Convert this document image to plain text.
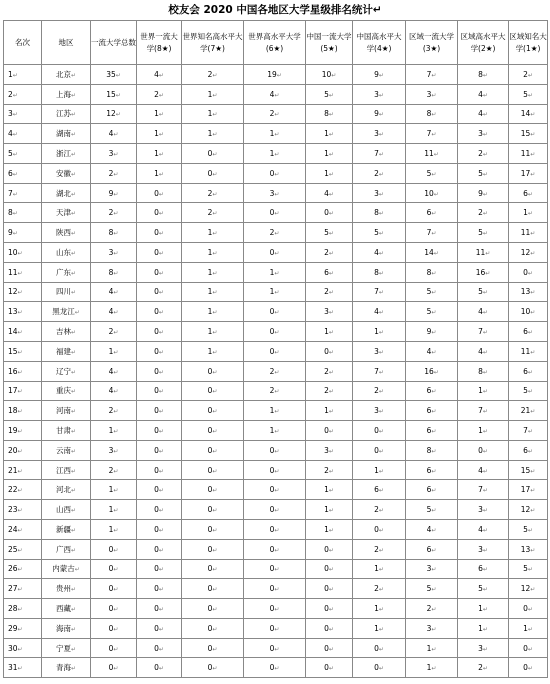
校友会 2020 中国各地区大学星级排名统计↵
名次	地区	一流大学总数	世界一流大学(8★)	世界知名高水平大学(7★)	世界高水平大学(6★)	中国一流大学(5★)	中国高水平大学(4★)	区域一流大学(3★)	区域高水平大学(2★)	区域知名大学(1★)
1↵	北京↵	35↵	4↵	2↵	19↵	10↵	9↵	7↵	8↵	2↵
2↵	上海↵	15↵	2↵	1↵	4↵	5↵	3↵	3↵	4↵	5↵
3↵	江苏↵	12↵	1↵	1↵	2↵	8↵	9↵	8↵	4↵	14↵
4↵	湖南↵	4↵	1↵	1↵	1↵	1↵	3↵	7↵	3↵	15↵
5↵	浙江↵	3↵	1↵	0↵	1↵	1↵	7↵	11↵	2↵	11↵
6↵	安徽↵	2↵	1↵	0↵	0↵	1↵	2↵	5↵	5↵	17↵
7↵	湖北↵	9↵	0↵	2↵	3↵	4↵	3↵	10↵	9↵	6↵
8↵	天津↵	2↵	0↵	2↵	0↵	0↵	8↵	6↵	2↵	1↵
9↵	陕西↵	8↵	0↵	1↵	2↵	5↵	5↵	7↵	5↵	11↵
10↵	山东↵	3↵	0↵	1↵	0↵	2↵	4↵	14↵	11↵	12↵
11↵	广东↵	8↵	0↵	1↵	1↵	6↵	8↵	8↵	16↵	0↵
12↵	四川↵	4↵	0↵	1↵	1↵	2↵	7↵	5↵	5↵	13↵
13↵	黑龙江↵	4↵	0↵	1↵	0↵	3↵	4↵	5↵	4↵	10↵
14↵	吉林↵	2↵	0↵	1↵	0↵	1↵	1↵	9↵	7↵	6↵
15↵	福建↵	1↵	0↵	1↵	0↵	0↵	3↵	4↵	4↵	11↵
16↵	辽宁↵	4↵	0↵	0↵	2↵	2↵	7↵	16↵	8↵	6↵
17↵	重庆↵	4↵	0↵	0↵	2↵	2↵	2↵	6↵	1↵	5↵
18↵	河南↵	2↵	0↵	0↵	1↵	1↵	3↵	6↵	7↵	21↵
19↵	甘肃↵	1↵	0↵	0↵	1↵	0↵	0↵	6↵	1↵	7↵
20↵	云南↵	3↵	0↵	0↵	0↵	3↵	0↵	8↵	0↵	6↵
21↵	江西↵	2↵	0↵	0↵	0↵	2↵	1↵	6↵	4↵	15↵
22↵	河北↵	1↵	0↵	0↵	0↵	1↵	6↵	6↵	7↵	17↵
23↵	山西↵	1↵	0↵	0↵	0↵	1↵	2↵	5↵	3↵	12↵
24↵	新疆↵	1↵	0↵	0↵	0↵	1↵	0↵	4↵	4↵	5↵
25↵	广西↵	0↵	0↵	0↵	0↵	0↵	2↵	6↵	3↵	13↵
26↵	内蒙古↵	0↵	0↵	0↵	0↵	0↵	1↵	3↵	6↵	5↵
27↵	贵州↵	0↵	0↵	0↵	0↵	0↵	2↵	5↵	5↵	12↵
28↵	西藏↵	0↵	0↵	0↵	0↵	0↵	1↵	2↵	1↵	0↵
29↵	海南↵	0↵	0↵	0↵	0↵	0↵	1↵	3↵	1↵	1↵
30↵	宁夏↵	0↵	0↵	0↵	0↵	0↵	0↵	1↵	3↵	0↵
31↵	青海↵	0↵	0↵	0↵	0↵	0↵	0↵	1↵	2↵	0↵
